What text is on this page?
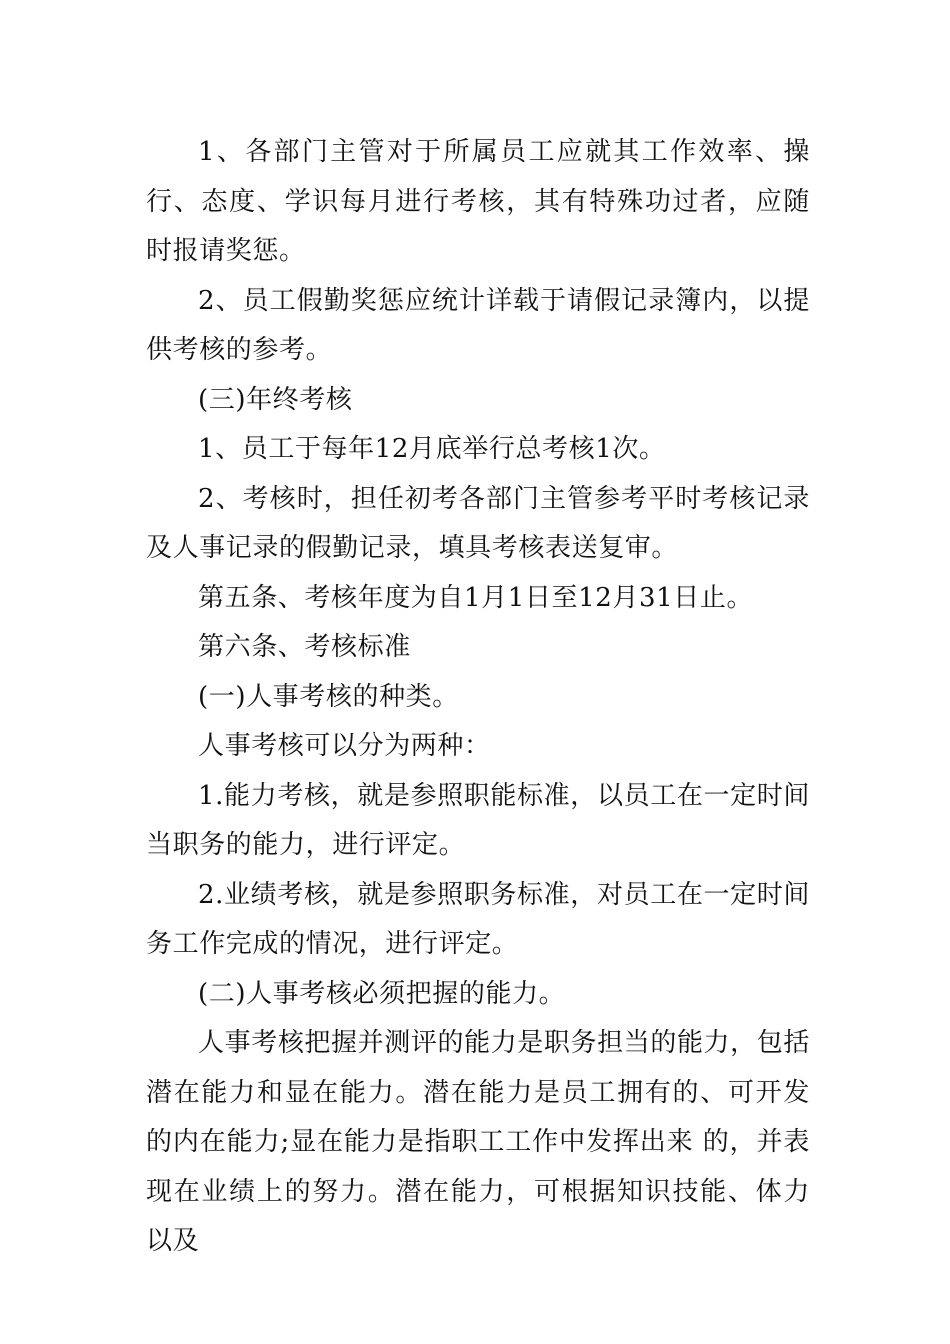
1、各部门主管对于所属员工应就其工作效率、操行、态度、学识每月进行考核，其有特殊功过者，应随时报请奖惩。

2、员工假勤奖惩应统计详载于请假记录簿内，以提供考核的参考。

(三)年终考核

1、员工于每年12月底举行总考核1次。

2、考核时，担任初考各部门主管参考平时考核记录及人事记录的假勤记录，填具考核表送复审。

第五条、考核年度为自1月1日至12月31日止。

第六条、考核标准

(一)人事考核的种类。

人事考核可以分为两种：

1.能力考核，就是参照职能标准，以员工在一定时间当职务的能力，进行评定。

2.业绩考核，就是参照职务标准，对员工在一定时间务工作完成的情况，进行评定。

(二)人事考核必须把握的能力。

人事考核把握并测评的能力是职务担当的能力，包括潜在能力和显在能力。潜在能力是员工拥有的、可开发的内在能力;显在能力是指职工工作中发挥出来 的，并表现在业绩上的努力。潜在能力，可根据知识技能、体力以及
